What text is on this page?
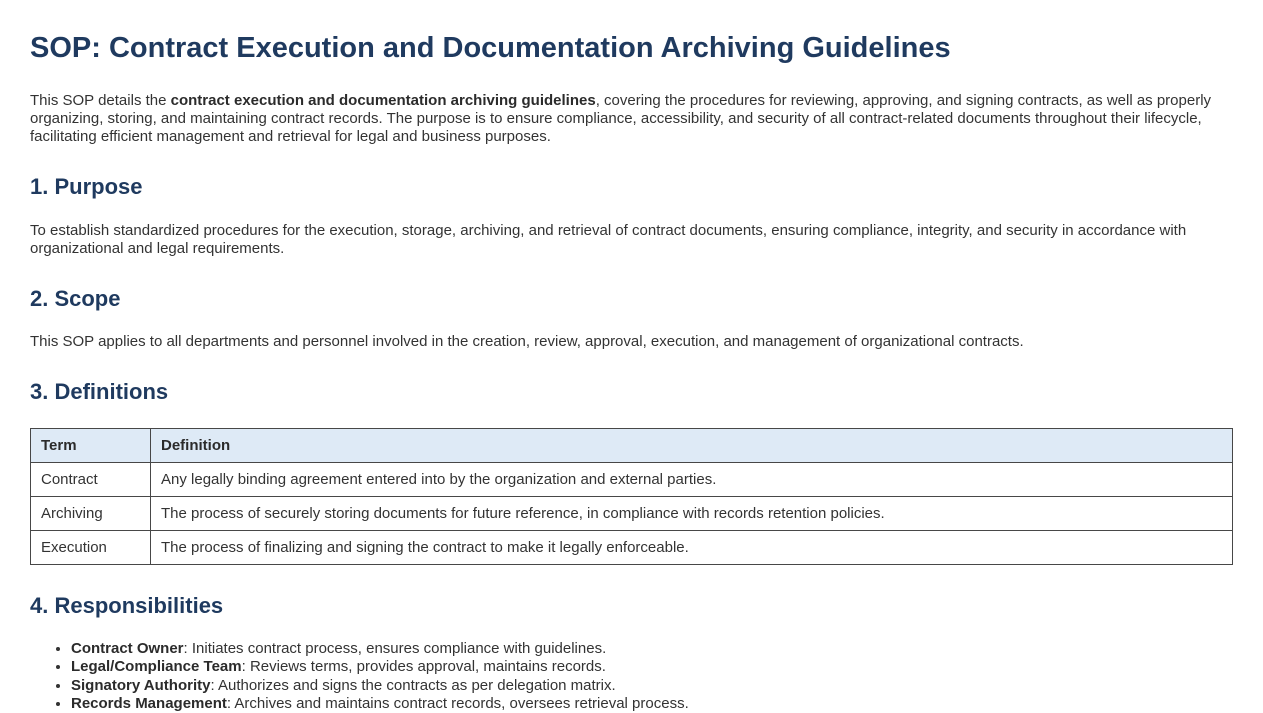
SOP: Contract Execution and Documentation Archiving Guidelines

This SOP details the contract execution and documentation archiving guidelines, covering the procedures for reviewing, approving, and signing contracts, as well as properly organizing, storing, and maintaining contract records. The purpose is to ensure compliance, accessibility, and security of all contract-related documents throughout their lifecycle, facilitating efficient management and retrieval for legal and business purposes.

1. Purpose

To establish standardized procedures for the execution, storage, archiving, and retrieval of contract documents, ensuring compliance, integrity, and security in accordance with organizational and legal requirements.

2. Scope

This SOP applies to all departments and personnel involved in the creation, review, approval, execution, and management of organizational contracts.

3. Definitions
Term	Definition
Contract	Any legally binding agreement entered into by the organization and external parties.
Archiving	The process of securely storing documents for future reference, in compliance with records retention policies.
Execution	The process of finalizing and signing the contract to make it legally enforceable.
4. Responsibilities
• Contract Owner: Initiates contract process, ensures compliance with guidelines.
• Legal/Compliance Team: Reviews terms, provides approval, maintains records.
• Signatory Authority: Authorizes and signs the contracts as per delegation matrix.
• Records Management: Archives and maintains contract records, oversees retrieval process.
